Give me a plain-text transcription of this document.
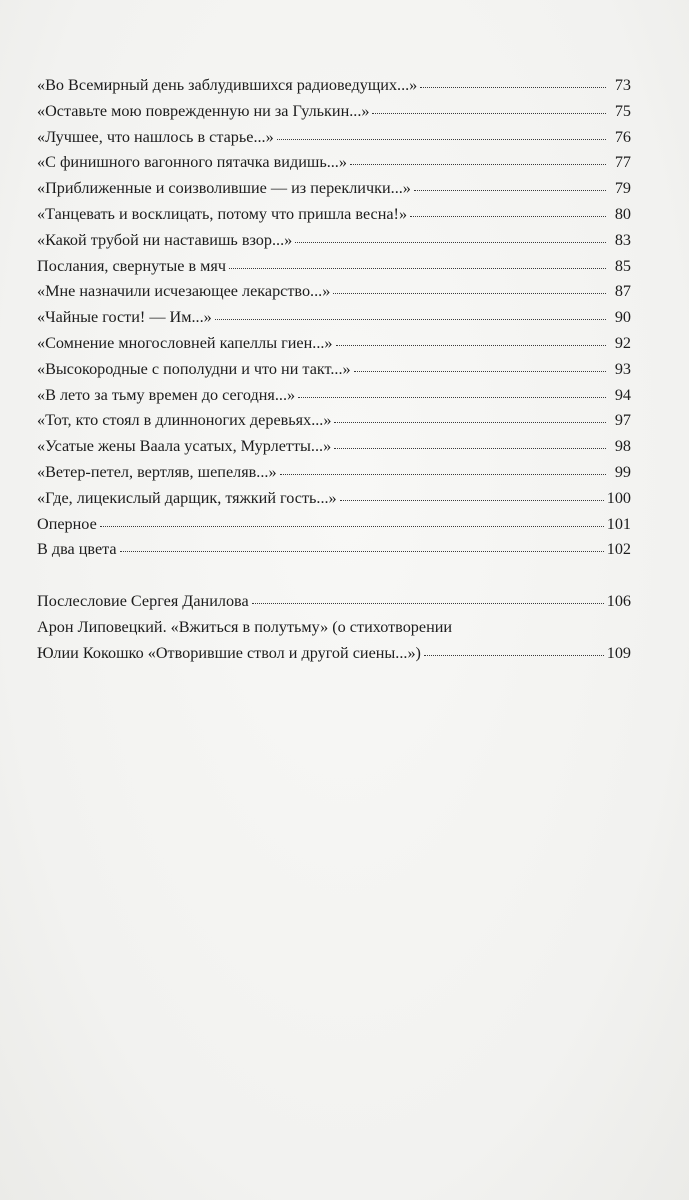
«Во Всемирный день заблудившихся радиоведущих...»	73
«Оставьте мою поврежденную ни за Гулькин...»	75
«Лучшее, что нашлось в старье...»	76
«С финишного вагонного пятачка видишь...»	77
«Приближенные и соизволившие — из переклички...»	79
«Танцевать и восклицать, потому что пришла весна!»	80
«Какой трубой ни наставишь взор...»	83
Послания, свернутые в мяч	85
«Мне назначили исчезающее лекарство...»	87
«Чайные гости! — Им...»	90
«Сомнение многословней капеллы гиен...»	92
«Высокородные с пополудни и что ни такт...»	93
«В лето за тьму времен до сегодня...»	94
«Тот, кто стоял в длинноногих деревьях...»	97
«Усатые жены Ваала усатых, Мурлетты...»	98
«Ветер-петел, вертляв, шепеляв...»	99
«Где, лицекислый дарщик, тяжкий гость...»	100
Оперное	101
В два цвета	102
Послесловие Сергея Данилова	106
Арон Липовецкий. «Вжиться в полутьму» (о стихотворении
Юлии Кокошко «Отворившие ствол и другой сиены...»)	109
